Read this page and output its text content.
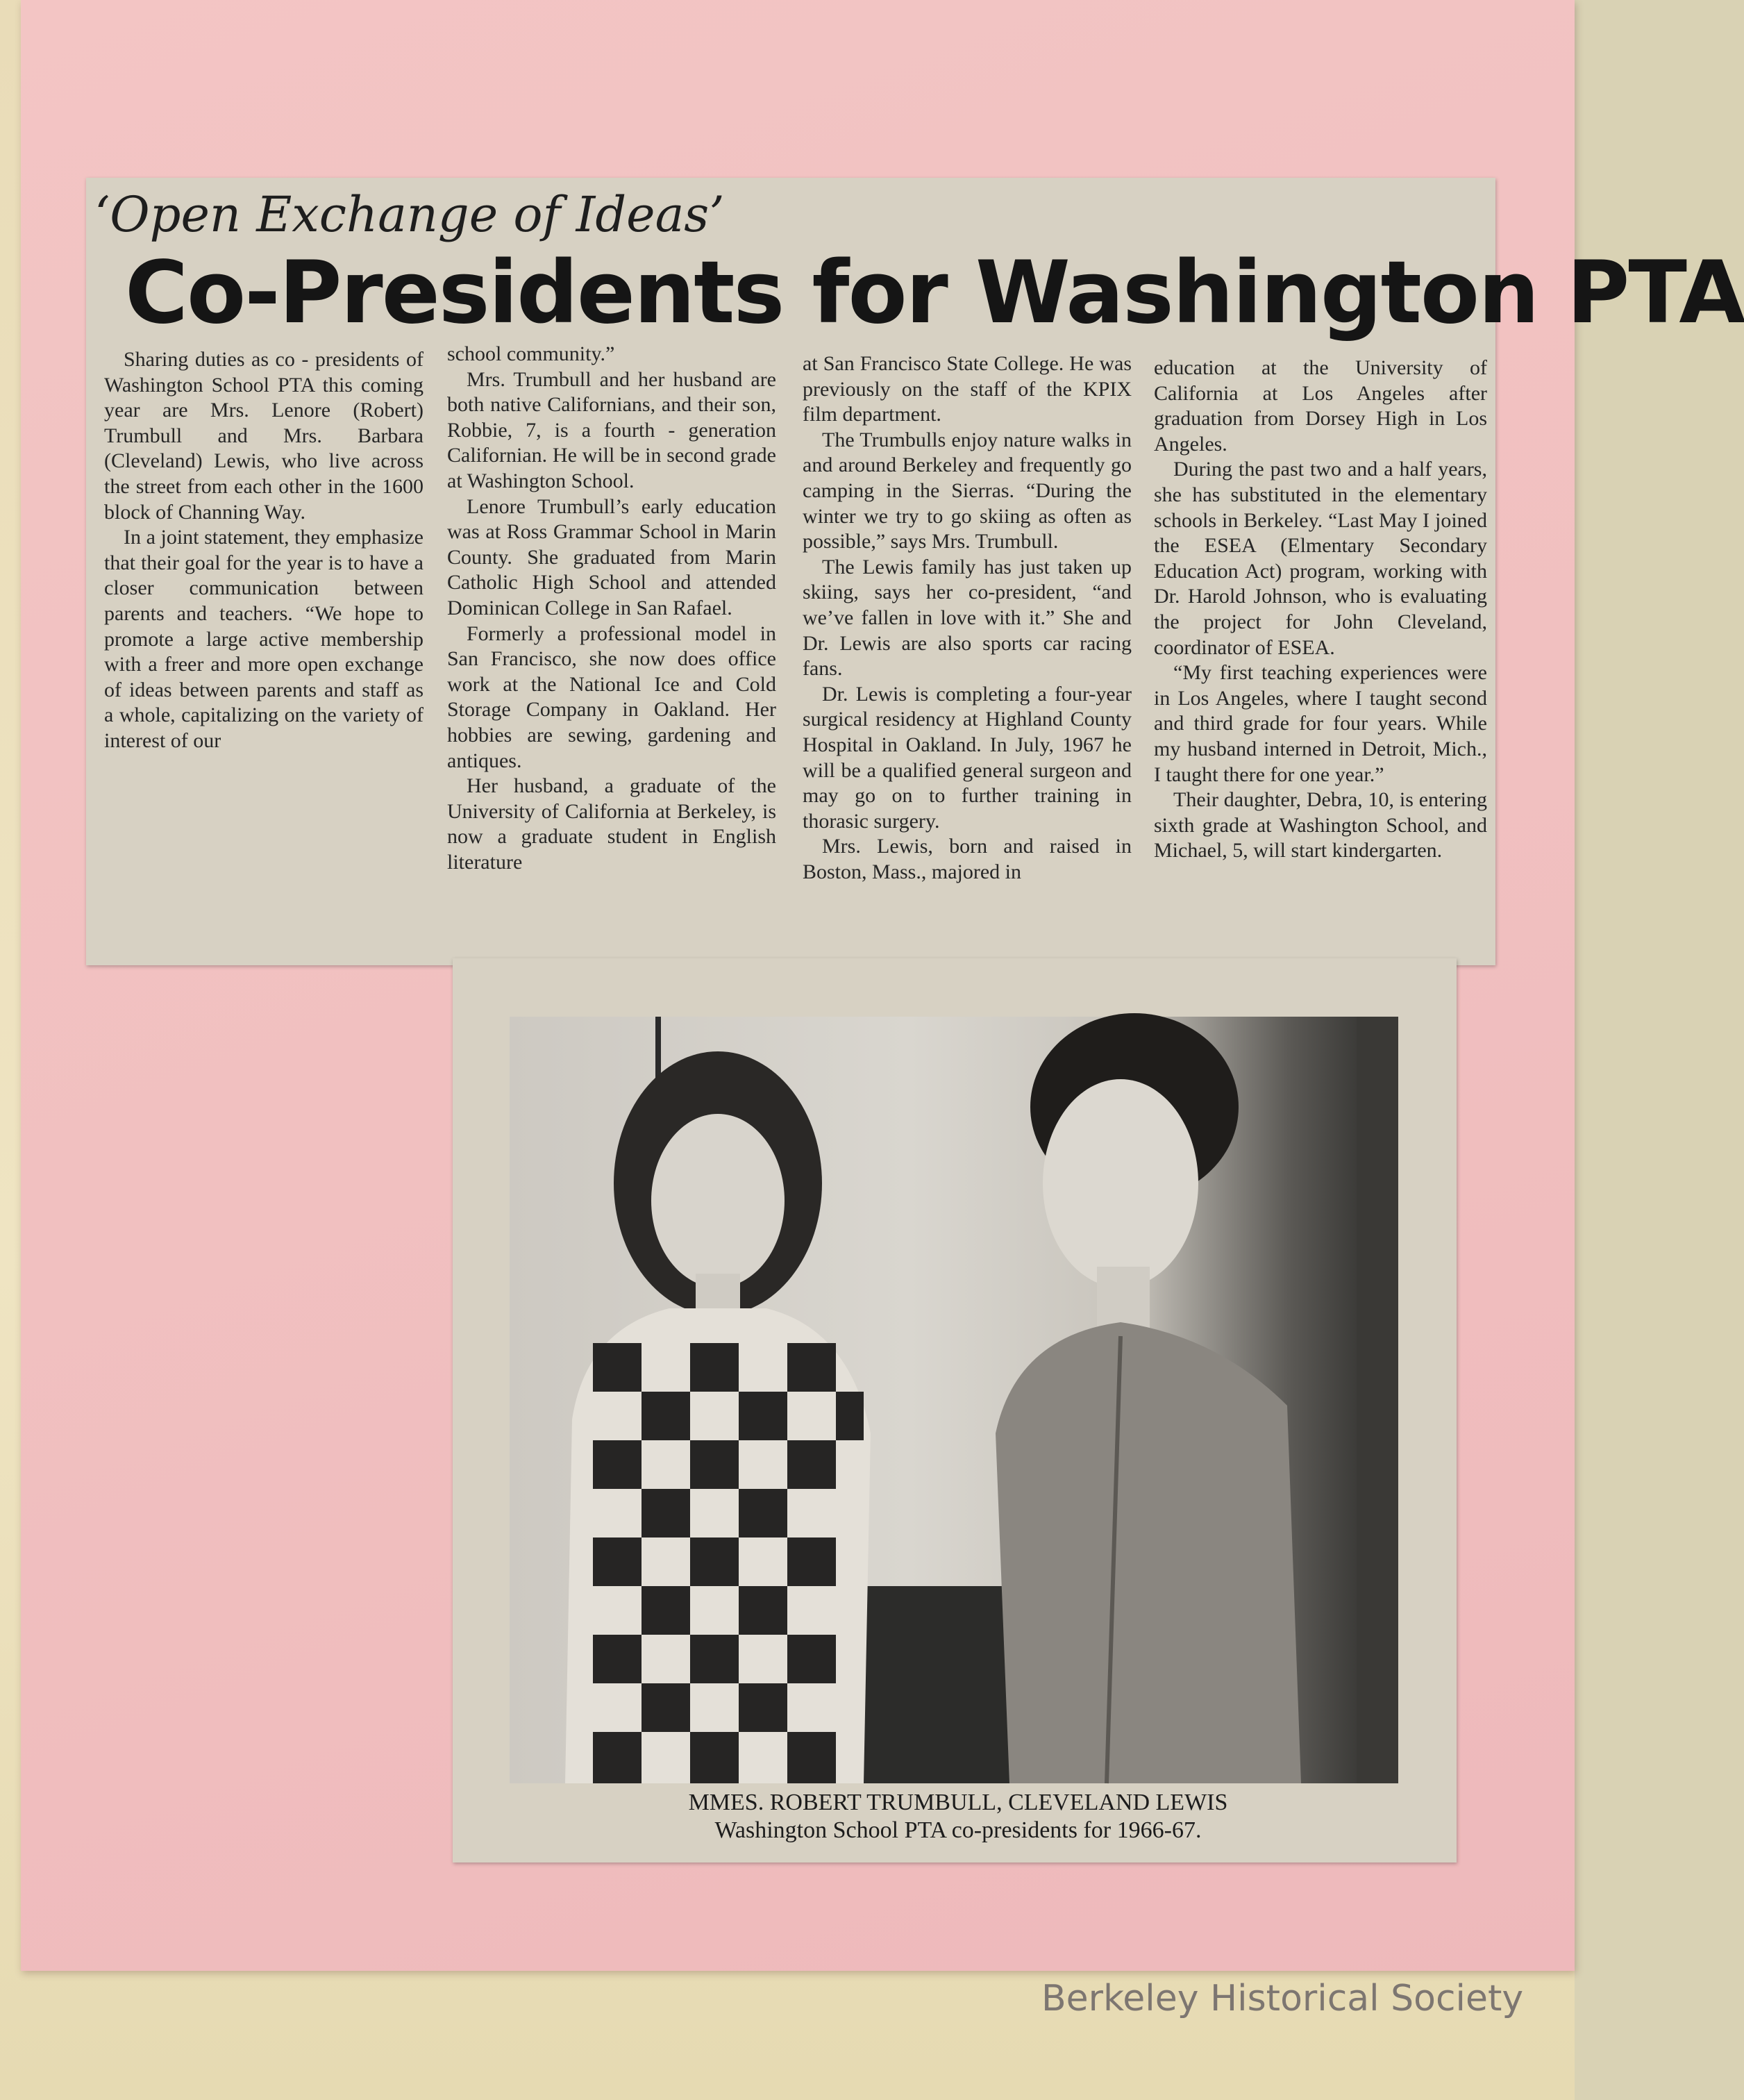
‘Open Exchange of Ideas’
Co-Presidents for Washington PTA

Sharing duties as co - presidents of Washington School PTA this coming year are Mrs. Lenore (Robert) Trumbull and Mrs. Barbara (Cleveland) Lewis, who live across the street from each other in the 1600 block of Channing Way.

In a joint statement, they emphasize that their goal for the year is to have a closer communication between parents and teachers. “We hope to promote a large active membership with a freer and more open exchange of ideas between parents and staff as a whole, capitalizing on the variety of interest of our

school community.”

Mrs. Trumbull and her husband are both native Californians, and their son, Robbie, 7, is a fourth - generation Californian. He will be in second grade at Washington School.

Lenore Trumbull’s early education was at Ross Grammar School in Marin County. She graduated from Marin Catholic High School and attended Dominican College in San Rafael.

Formerly a professional model in San Francisco, she now does office work at the National Ice and Cold Storage Company in Oakland. Her hobbies are sewing, gardening and antiques.

Her husband, a graduate of the University of California at Berkeley, is now a graduate student in English literature

at San Francisco State College. He was previously on the staff of the KPIX film department.

The Trumbulls enjoy nature walks in and around Berkeley and frequently go camping in the Sierras. “During the winter we try to go skiing as often as possible,” says Mrs. Trumbull.

The Lewis family has just taken up skiing, says her co-president, “and we’ve fallen in love with it.” She and Dr. Lewis are also sports car racing fans.

Dr. Lewis is completing a four-year surgical residency at Highland County Hospital in Oakland. In July, 1967 he will be a qualified general surgeon and may go on to further training in thorasic surgery.

Mrs. Lewis, born and raised in Boston, Mass., majored in

education at the University of California at Los Angeles after graduation from Dorsey High in Los Angeles.

During the past two and a half years, she has substituted in the elementary schools in Berkeley. “Last May I joined the ESEA (Elmentary Secondary Education Act) program, working with Dr. Harold Johnson, who is evaluating the project for John Cleveland, coordinator of ESEA.

“My first teaching experiences were in Los Angeles, where I taught second and third grade for four years. While my husband interned in Detroit, Mich., I taught there for one year.”

Their daughter, Debra, 10, is entering sixth grade at Washington School, and Michael, 5, will start kindergarten.

MMES. ROBERT TRUMBULL, CLEVELAND LEWIS
Washington School PTA co-presidents for 1966-67.
Berkeley Historical Society
